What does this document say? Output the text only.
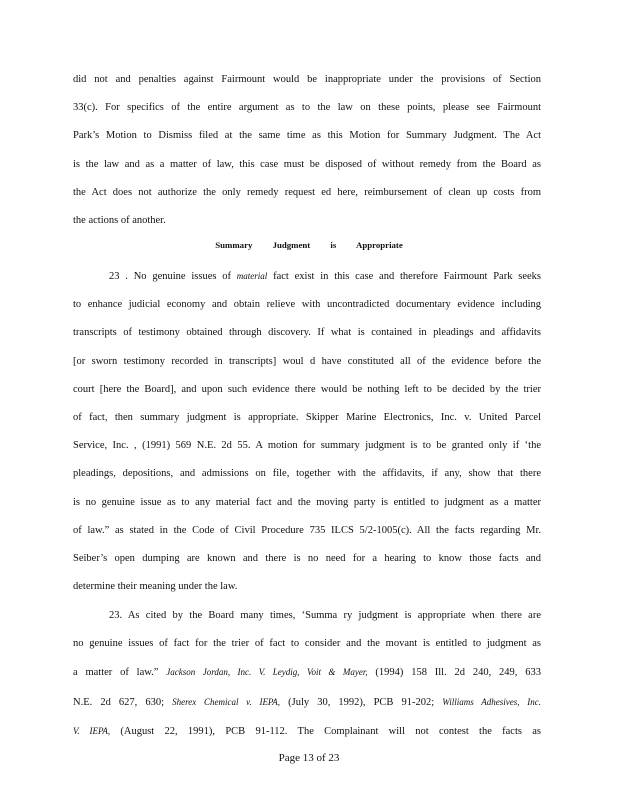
did not and penalties against Fairmount would be inappropriate under the provisions of Section
33(c). For specifics of the entire argument as to the law on these points, please see Fairmount
Park’s Motion to Dismiss filed at the same time as this Motion for Summary Judgment. The Act
is the law and as a matter of law, this case must be disposed of without remedy from the Board as
the Act does not authorize the only remedy request ed here, reimbursement of clean up costs from
the actions of another.
Summary Judgment is Appropriate
23 . No genuine issues of material fact exist in this case and therefore Fairmount Park seeks
to enhance judicial economy and obtain relieve with uncontradicted documentary evidence including
transcripts of testimony obtained through discovery. If what is contained in pleadings and affidavits
[or sworn testimony recorded in transcripts] woul d have constituted all of the evidence before the
court [here the Board], and upon such evidence there would be nothing left to be decided by the trier
of fact, then summary judgment is appropriate. Skipper Marine Electronics, Inc. v. United Parcel
Service, Inc. , (1991) 569 N.E. 2d 55. A motion for summary judgment is to be granted only if ‘the
pleadings, depositions, and admissions on file, together with the affidavits, if any, show that there
is no genuine issue as to any material fact and the moving party is entitled to judgment as a matter
of law.” as stated in the Code of Civil Procedure 735 ILCS 5/2-1005(c). All the facts regarding Mr.
Seiber’s open dumping are known and there is no need for a hearing to know those facts and
determine their meaning under the law.
23. As cited by the Board many times, ‘Summa ry judgment is appropriate when there are
no genuine issues of fact for the trier of fact to consider and the movant is entitled to judgment as
a matter of law.” Jackson Jordan, Inc. V. Leydig, Voit & Mayer, (1994) 158 Ill. 2d 240, 249, 633
N.E. 2d 627, 630; Sherex Chemical v. IEPA, (July 30, 1992), PCB 91-202; Williams Adhesives, Inc.
V. IEPA, (August 22, 1991), PCB 91-112. The Complainant will not contest the facts as
Page 13 of 23
